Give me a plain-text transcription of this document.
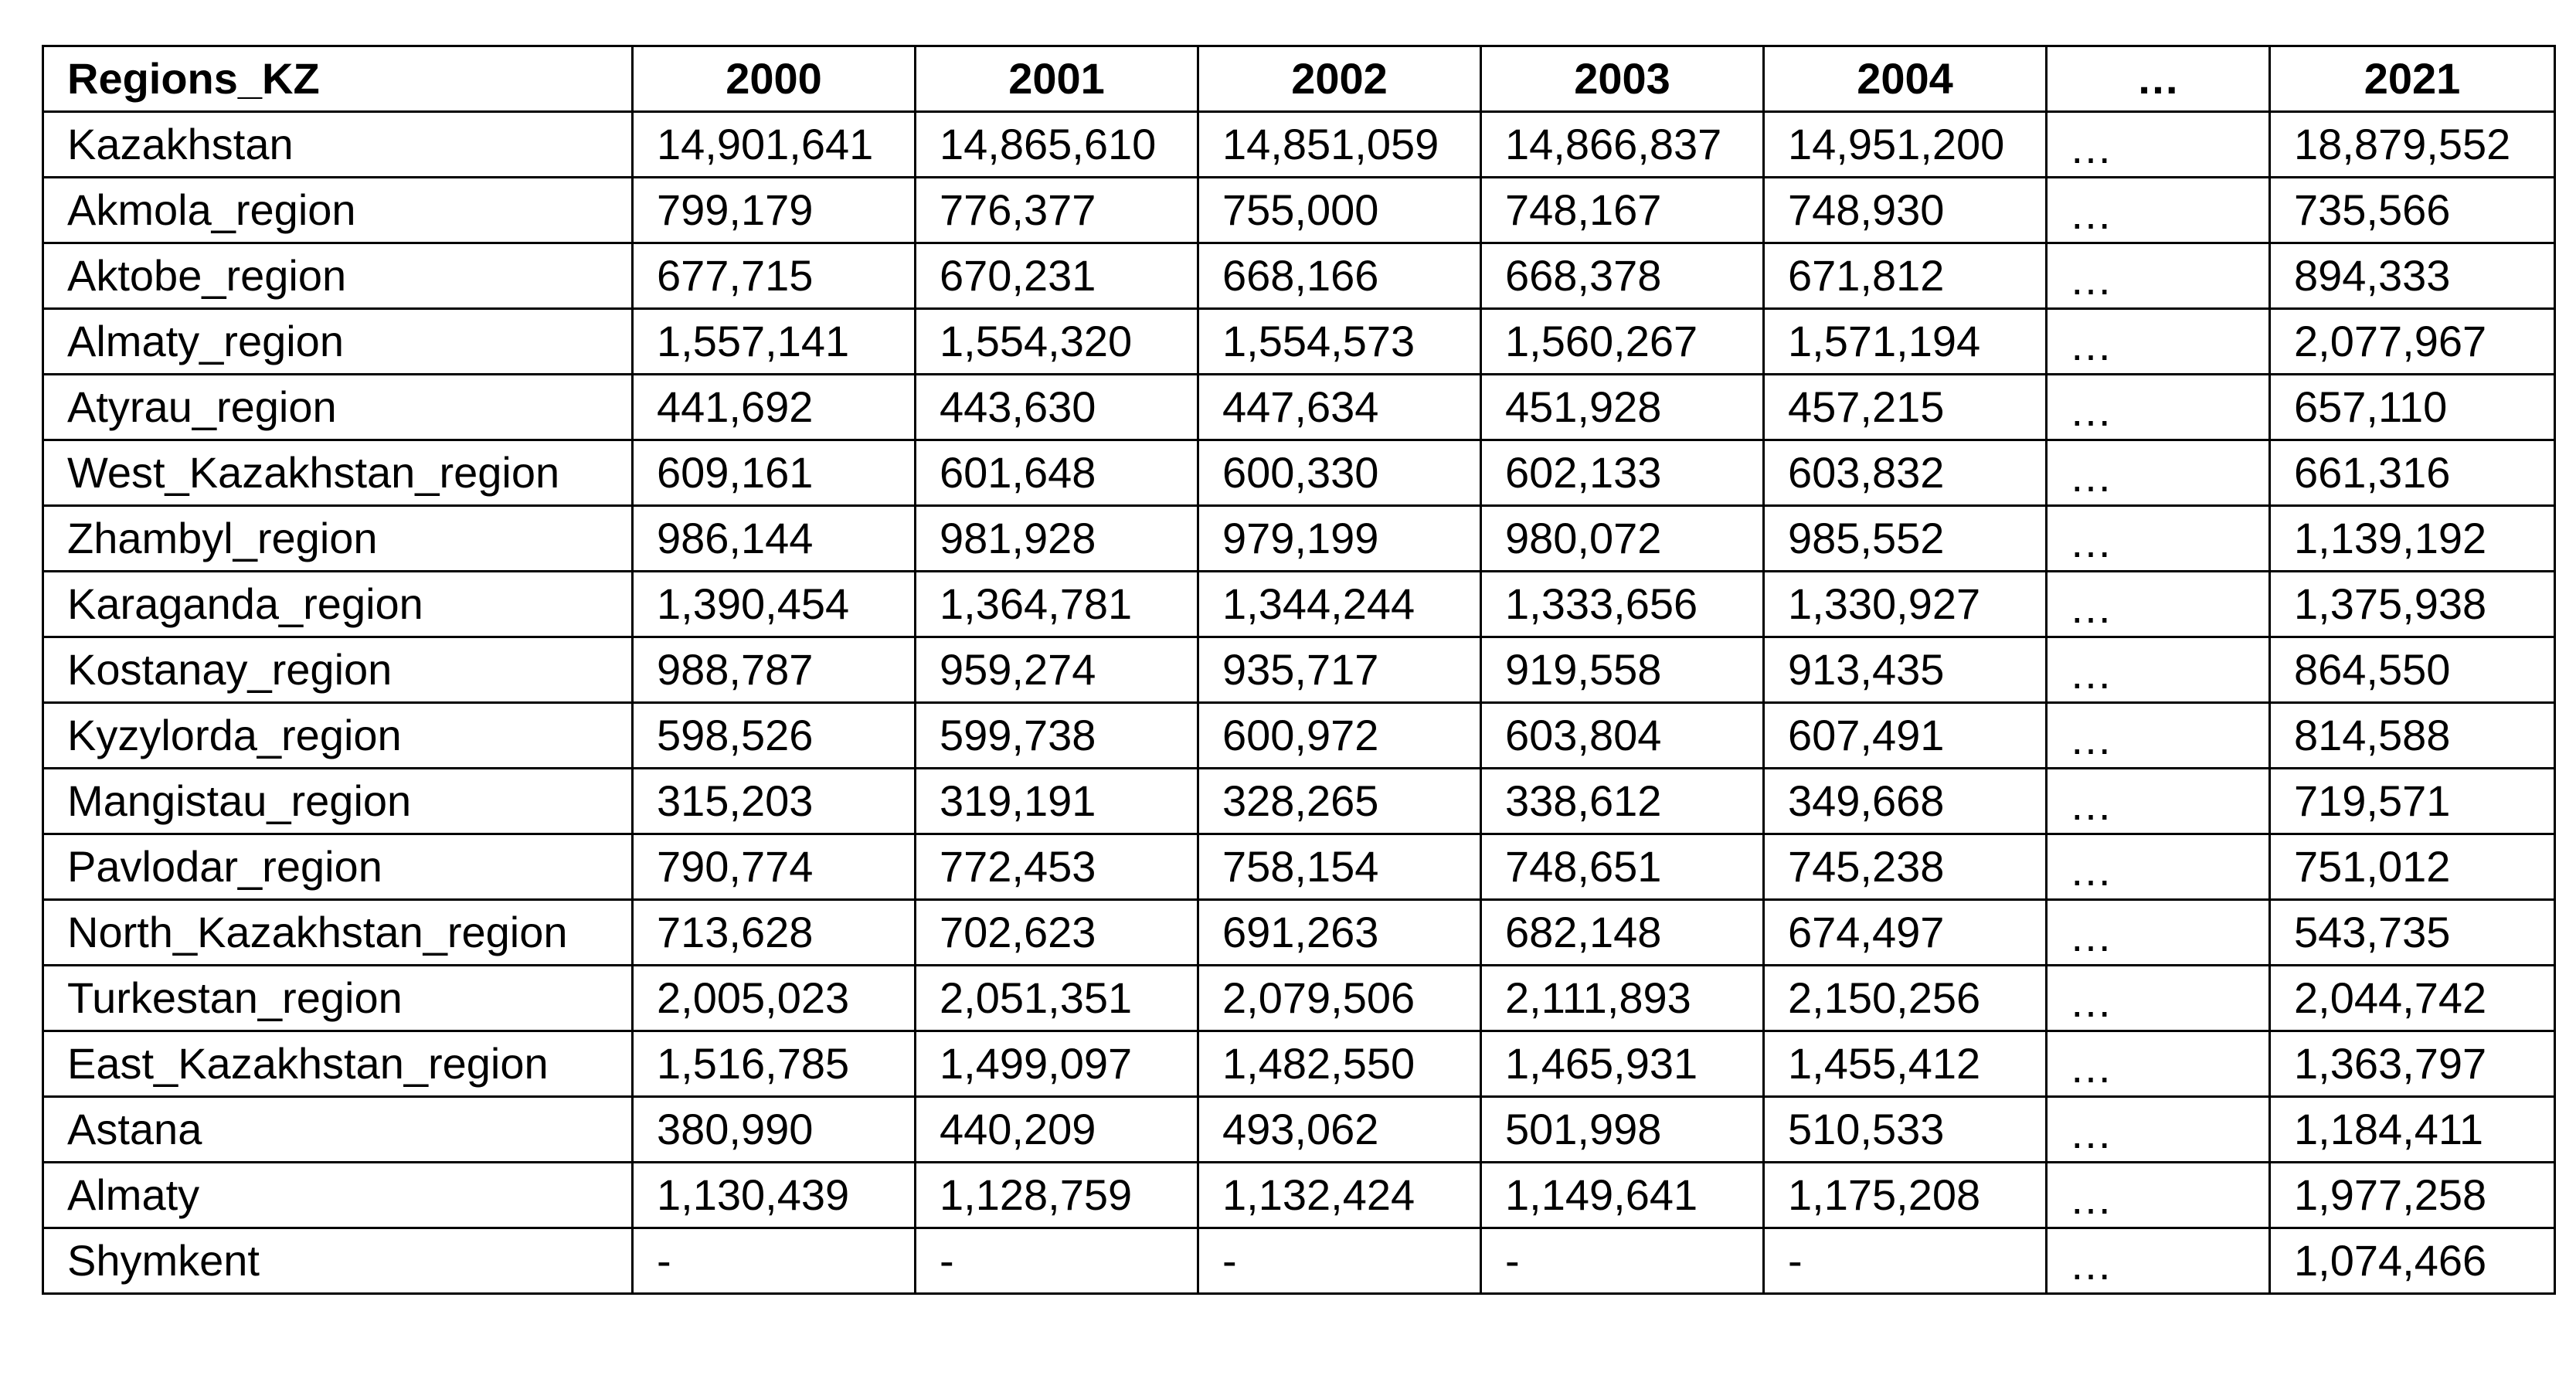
Regions_KZ	2000	2001	2002	2003	2004	…	2021
Kazakhstan	14,901,641	14,865,610	14,851,059	14,866,837	14,951,200	…	18,879,552
Akmola_region	799,179	776,377	755,000	748,167	748,930	…	735,566
Aktobe_region	677,715	670,231	668,166	668,378	671,812	…	894,333
Almaty_region	1,557,141	1,554,320	1,554,573	1,560,267	1,571,194	…	2,077,967
Atyrau_region	441,692	443,630	447,634	451,928	457,215	…	657,110
West_Kazakhstan_region	609,161	601,648	600,330	602,133	603,832	…	661,316
Zhambyl_region	986,144	981,928	979,199	980,072	985,552	…	1,139,192
Karaganda_region	1,390,454	1,364,781	1,344,244	1,333,656	1,330,927	…	1,375,938
Kostanay_region	988,787	959,274	935,717	919,558	913,435	…	864,550
Kyzylorda_region	598,526	599,738	600,972	603,804	607,491	…	814,588
Mangistau_region	315,203	319,191	328,265	338,612	349,668	…	719,571
Pavlodar_region	790,774	772,453	758,154	748,651	745,238	…	751,012
North_Kazakhstan_region	713,628	702,623	691,263	682,148	674,497	…	543,735
Turkestan_region	2,005,023	2,051,351	2,079,506	2,111,893	2,150,256	…	2,044,742
East_Kazakhstan_region	1,516,785	1,499,097	1,482,550	1,465,931	1,455,412	…	1,363,797
Astana	380,990	440,209	493,062	501,998	510,533	…	1,184,411
Almaty	1,130,439	1,128,759	1,132,424	1,149,641	1,175,208	…	1,977,258
Shymkent	-	-	-	-	-	…	1,074,466
